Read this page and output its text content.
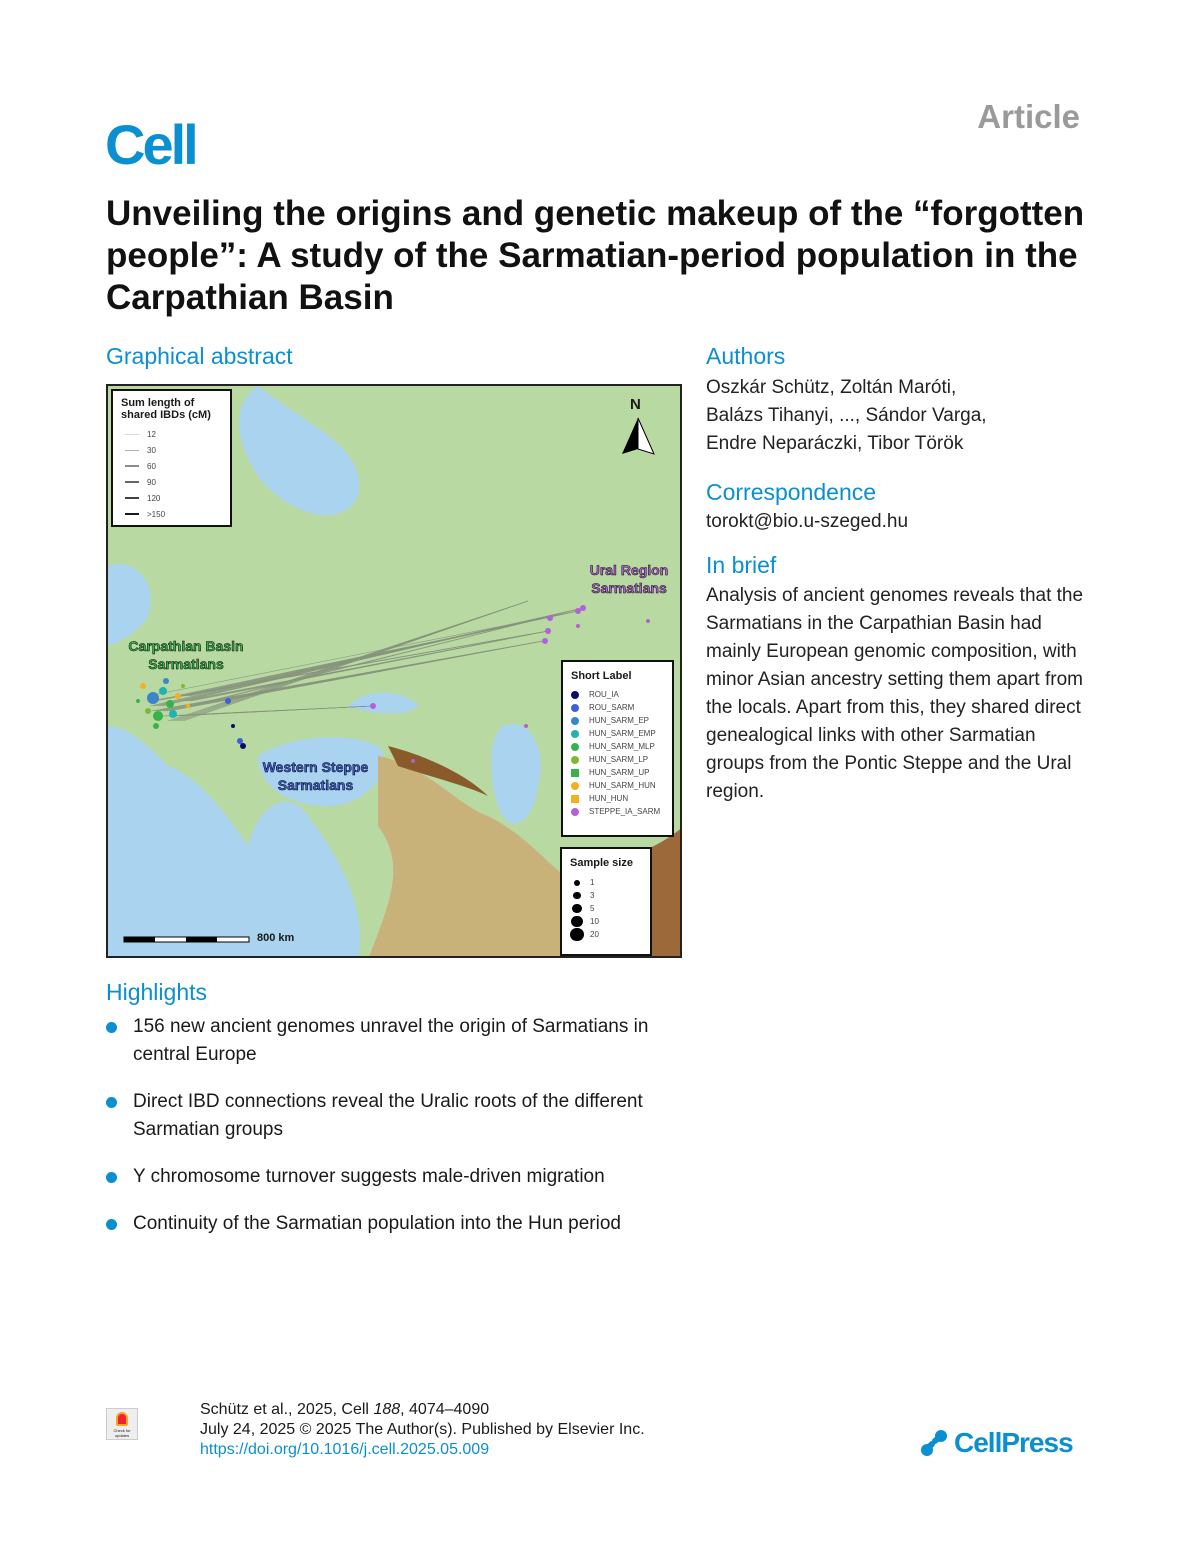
Cell	Article
Unveiling the origins and genetic makeup of the “forgotten people”: A study of the Sarmatian-period population in the Carpathian Basin
Graphical abstract
N
800 km
Sum length of shared IBDs (cM)
12
30
60
90
120
>150
Short Label
ROU_IA
ROU_SARM
HUN_SARM_EP
HUN_SARM_EMP
HUN_SARM_MLP
HUN_SARM_LP
HUN_SARM_UP
HUN_SARM_HUN
HUN_HUN
STEPPE_IA_SARM
Sample size
1
3
5
10
20
Ural Region Sarmatians
Carpathian Basin Sarmatians
Western Steppe Sarmatians
Authors
Oszkár Schütz, Zoltán Maróti, Balázs Tihanyi, ..., Sándor Varga, Endre Neparáczki, Tibor Török
Correspondence
torokt@bio.u-szeged.hu
In brief
Analysis of ancient genomes reveals that the Sarmatians in the Carpathian Basin had mainly European genomic composition, with minor Asian ancestry setting them apart from the locals. Apart from this, they shared direct genealogical links with other Sarmatian groups from the Pontic Steppe and the Ural region.
Highlights
156 new ancient genomes unravel the origin of Sarmatians in central Europe
Direct IBD connections reveal the Uralic roots of the different Sarmatian groups
Y chromosome turnover suggests male-driven migration
Continuity of the Sarmatian population into the Hun period
Check for updates
Schütz et al., 2025, Cell 188, 4074–4090
July 24, 2025 © 2025 The Author(s). Published by Elsevier Inc.
https://doi.org/10.1016/j.cell.2025.05.009	CellPress
